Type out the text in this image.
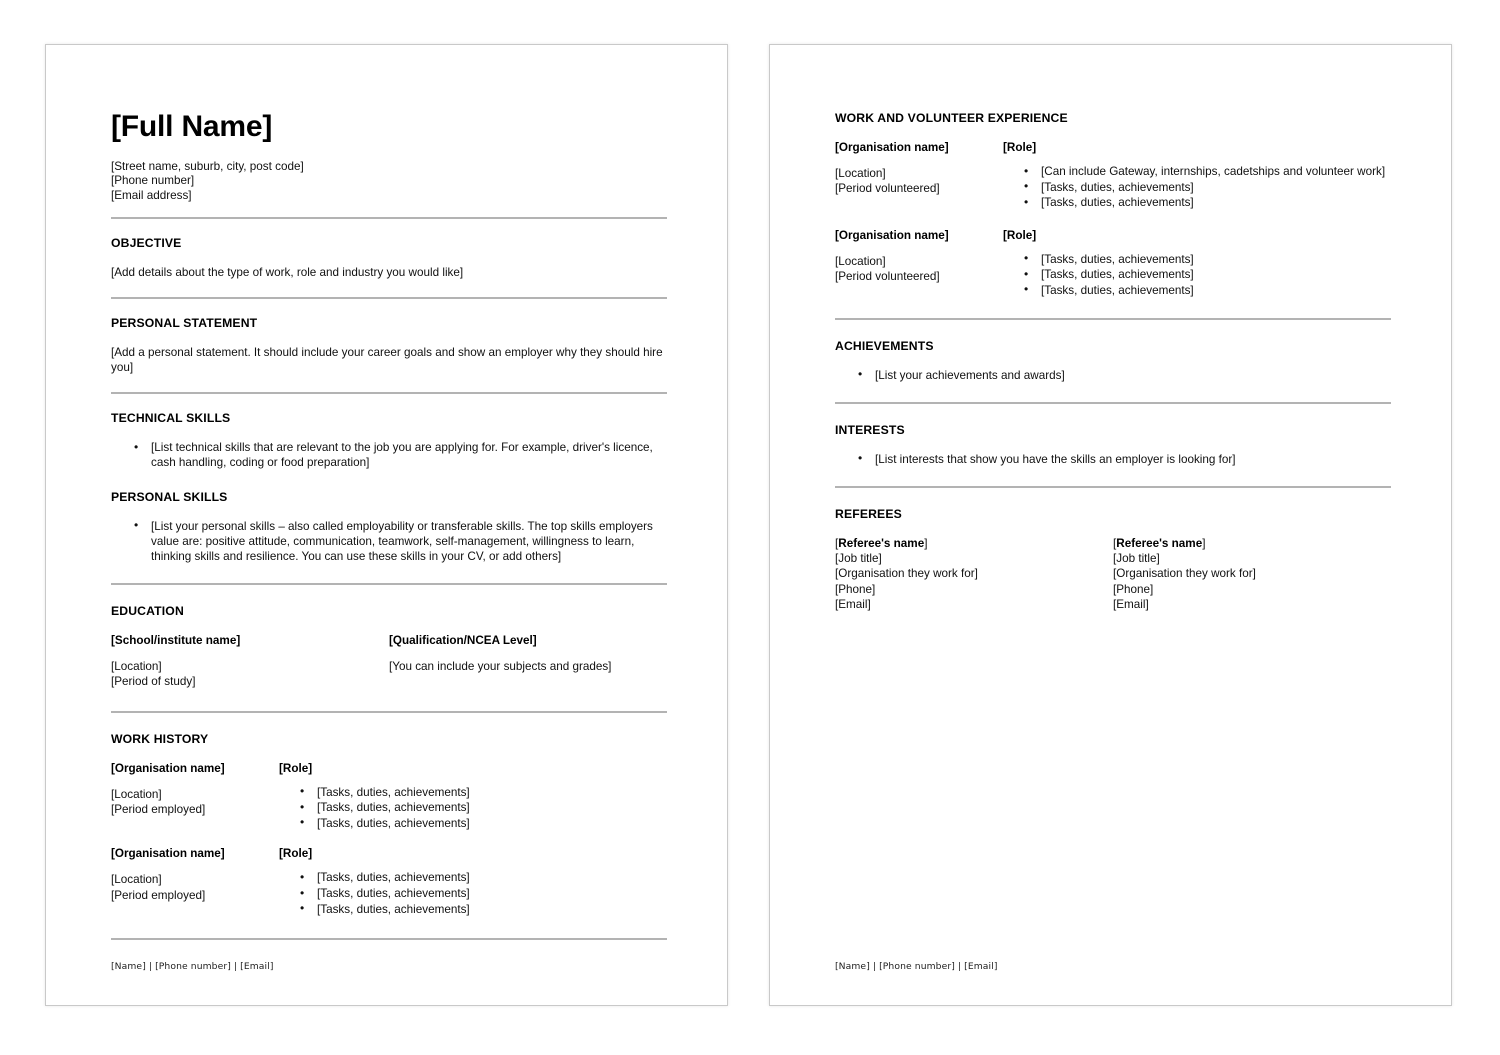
[Full Name]
[Street name, suburb, city, post code]
[Phone number]
[Email address]
OBJECTIVE
[Add details about the type of work, role and industry you would like]
PERSONAL STATEMENT
[Add a personal statement. It should include your career goals and show an employer why they should hire you]
TECHNICAL SKILLS
• [List technical skills that are relevant to the job you are applying for. For example, driver's licence, cash handling, coding or food preparation]
PERSONAL SKILLS
• [List your personal skills – also called employability or transferable skills. The top skills employers value are: positive attitude, communication, teamwork, self-management, willingness to learn, thinking skills and resilience. You can use these skills in your CV, or add others]
EDUCATION
[School/institute name]
[Location]
[Period of study]
[Qualification/NCEA Level]
[You can include your subjects and grades]
WORK HISTORY
[Organisation name]
[Location]
[Period employed]
[Role]
• [Tasks, duties, achievements]
• [Tasks, duties, achievements]
• [Tasks, duties, achievements]
[Organisation name]
[Location]
[Period employed]
[Role]
• [Tasks, duties, achievements]
• [Tasks, duties, achievements]
• [Tasks, duties, achievements]
[Name] | [Phone number] | [Email]
WORK AND VOLUNTEER EXPERIENCE
[Organisation name]
[Location]
[Period volunteered]
[Role]
• [Can include Gateway, internships, cadetships and volunteer work]
• [Tasks, duties, achievements]
• [Tasks, duties, achievements]
[Organisation name]
[Location]
[Period volunteered]
[Role]
• [Tasks, duties, achievements]
• [Tasks, duties, achievements]
• [Tasks, duties, achievements]
ACHIEVEMENTS
• [List your achievements and awards]
INTERESTS
• [List interests that show you have the skills an employer is looking for]
REFEREES
[Referee's name]
[Job title]
[Organisation they work for]
[Phone]
[Email]
[Referee's name]
[Job title]
[Organisation they work for]
[Phone]
[Email]
[Name] | [Phone number] | [Email]
